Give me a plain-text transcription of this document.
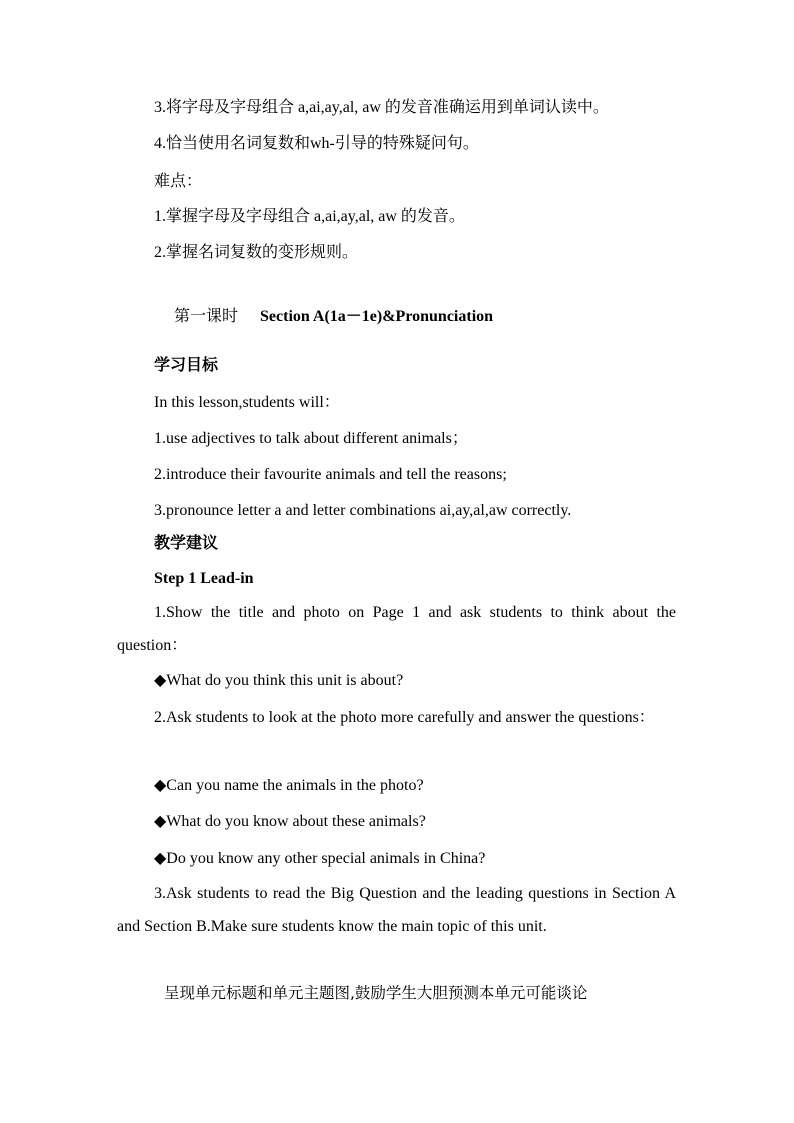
3.将字母及字母组合 a,ai,ay,al, aw 的发音准确运用到单词认读中。

4.恰当使用名词复数和wh-引导的特殊疑问句。

难点：

1.掌握字母及字母组合 a,ai,ay,al, aw 的发音。

2.掌握名词复数的变形规则。

第一课时 Section A(1a－1e)&Pronunciation

学习目标

In this lesson,students will：

1.use adjectives to talk about different animals；

2.introduce their favourite animals and tell the reasons;

3.pronounce letter a and letter combinations ai,ay,al,aw correctly.

教学建议

Step 1 Lead-in

1.Show the title and photo on Page 1 and ask students to think about the question：

◆What do you think this unit is about?

2.Ask students to look at the photo more carefully and answer the questions：

◆Can you name the animals in the photo?

◆What do you know about these animals?

◆Do you know any other special animals in China?

3.Ask students to read the Big Question and the leading questions in Section A and Section B.Make sure students know the main topic of this unit.

呈现单元标题和单元主题图,鼓励学生大胆预测本单元可能谈论
